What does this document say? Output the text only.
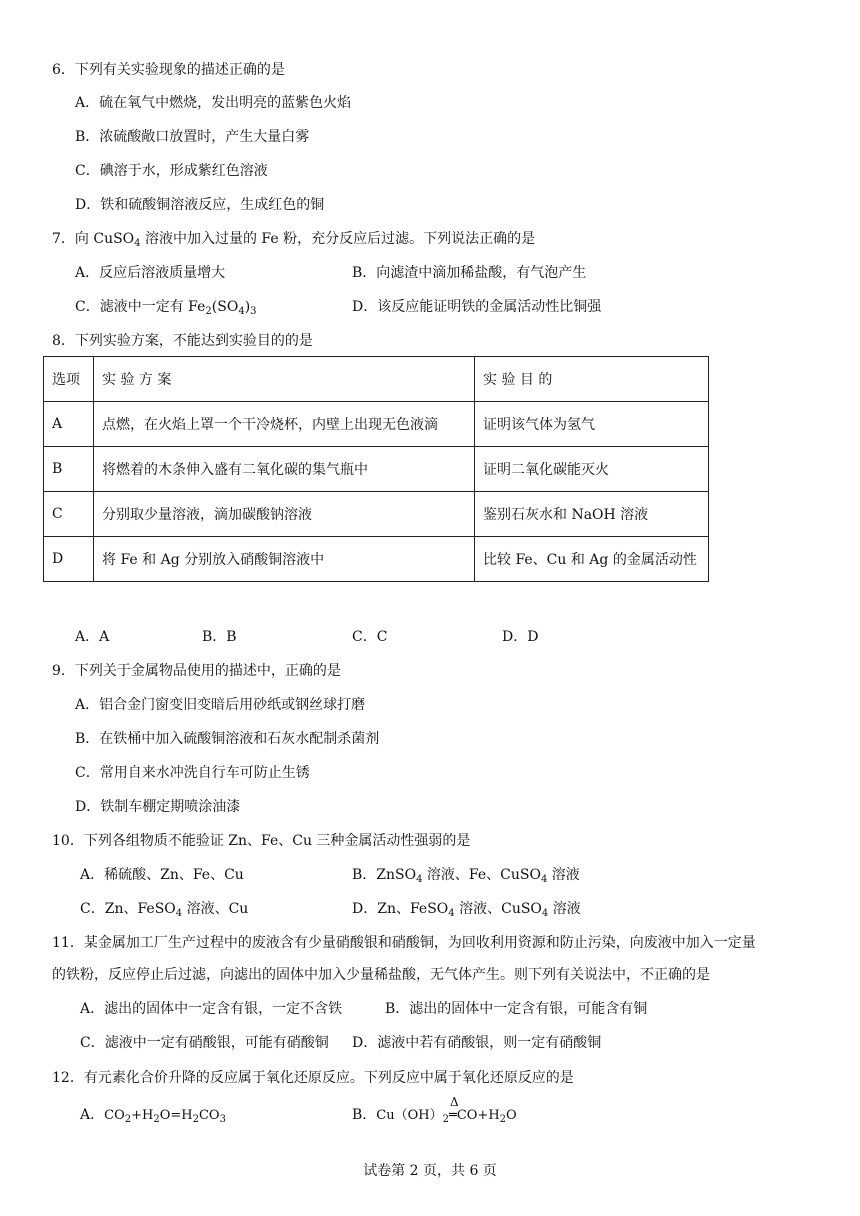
6．下列有关实验现象的描述正确的是
A．硫在氧气中燃烧，发出明亮的蓝紫色火焰
B．浓硫酸敞口放置时，产生大量白雾
C．碘溶于水，形成紫红色溶液
D．铁和硫酸铜溶液反应，生成红色的铜
7．向 CuSO$_4$ 溶液中加入过量的 Fe 粉，充分反应后过滤。下列说法正确的是
A．反应后溶液质量增大	B．向滤渣中滴加稀盐酸，有气泡产生
C．滤液中一定有 $Fe_2(SO_4)_3$	D．该反应能证明铁的金属活动性比铜强
8．下列实验方案，不能达到实验目的的是
选项	实 验 方 案	实 验 目 的
A	点燃，在火焰上罩一个干冷烧杯，内壁上出现无色液滴	证明该气体为氢气
B	将燃着的木条伸入盛有二氧化碳的集气瓶中	证明二氧化碳能灭火
C	分别取少量溶液，滴加碳酸钠溶液	鉴别石灰水和 NaOH 溶液
D	将 Fe 和 Ag 分别放入硝酸铜溶液中	比较 Fe、Cu 和 Ag 的金属活动性
A．A	B．B	C．C	D．D
9．下列关于金属物品使用的描述中，正确的是
A．铝合金门窗变旧变暗后用砂纸或钢丝球打磨
B．在铁桶中加入硫酸铜溶液和石灰水配制杀菌剂
C．常用自来水冲洗自行车可防止生锈
D．铁制车棚定期喷涂油漆
10．下列各组物质不能验证 Zn、Fe、Cu 三种金属活动性强弱的是
A．稀硫酸、Zn、Fe、Cu	B．ZnSO$_4$ 溶液、Fe、CuSO$_4$ 溶液
C．Zn、FeSO$_4$ 溶液、Cu	D．Zn、FeSO$_4$ 溶液、CuSO$_4$ 溶液
11．某金属加工厂生产过程中的废液含有少量硝酸银和硝酸铜，为回收利用资源和防止污染，向废液中加入一定量
的铁粉，反应停止后过滤，向滤出的固体中加入少量稀盐酸，无气体产生。则下列有关说法中，不正确的是
A．滤出的固体中一定含有银，一定不含铁	B．滤出的固体中一定含有银，可能含有铜
C．滤液中一定有硝酸银，可能有硝酸铜 D．滤液中若有硝酸银，则一定有硝酸铜
12．有元素化合价升降的反应属于氧化还原反应。下列反应中属于氧化还原反应的是
A．$CO_2+H_2O=H_2CO_3$	B．$Cu(OH)_2$
Δ
$═CO+H_2O$
试卷第 2 页，共 6 页
